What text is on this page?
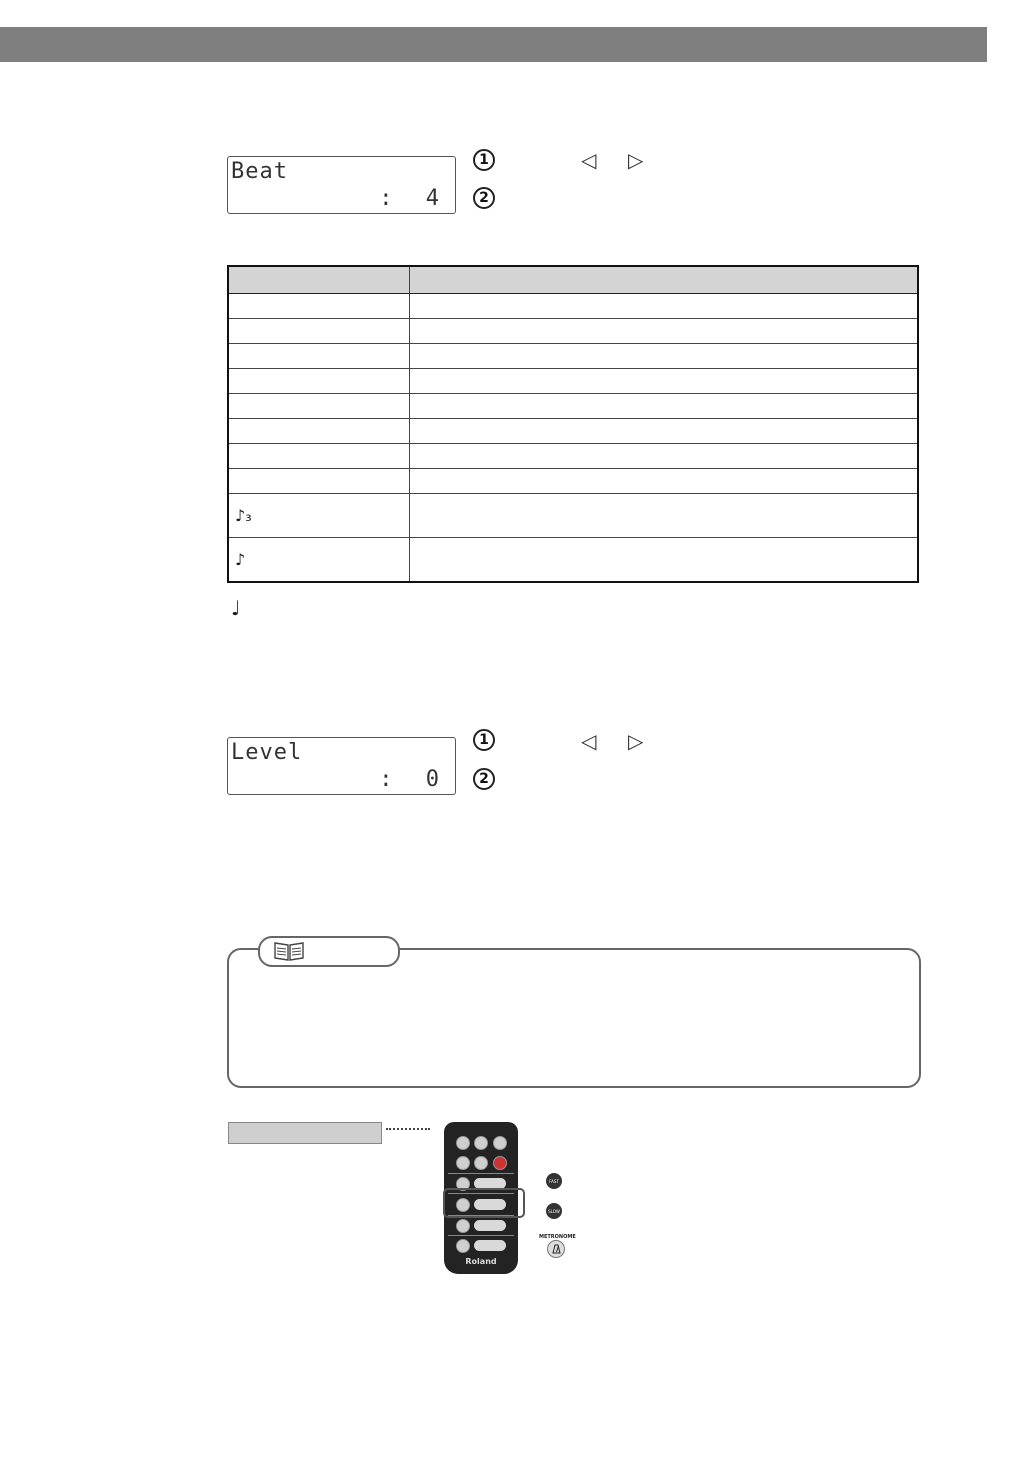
Beat
: 4
1	◁ ▷
2

♪₃	
♪	
♩
Level
: 0
1	◁ ▷
2
Roland
FAST
SLOW
METRONOME
